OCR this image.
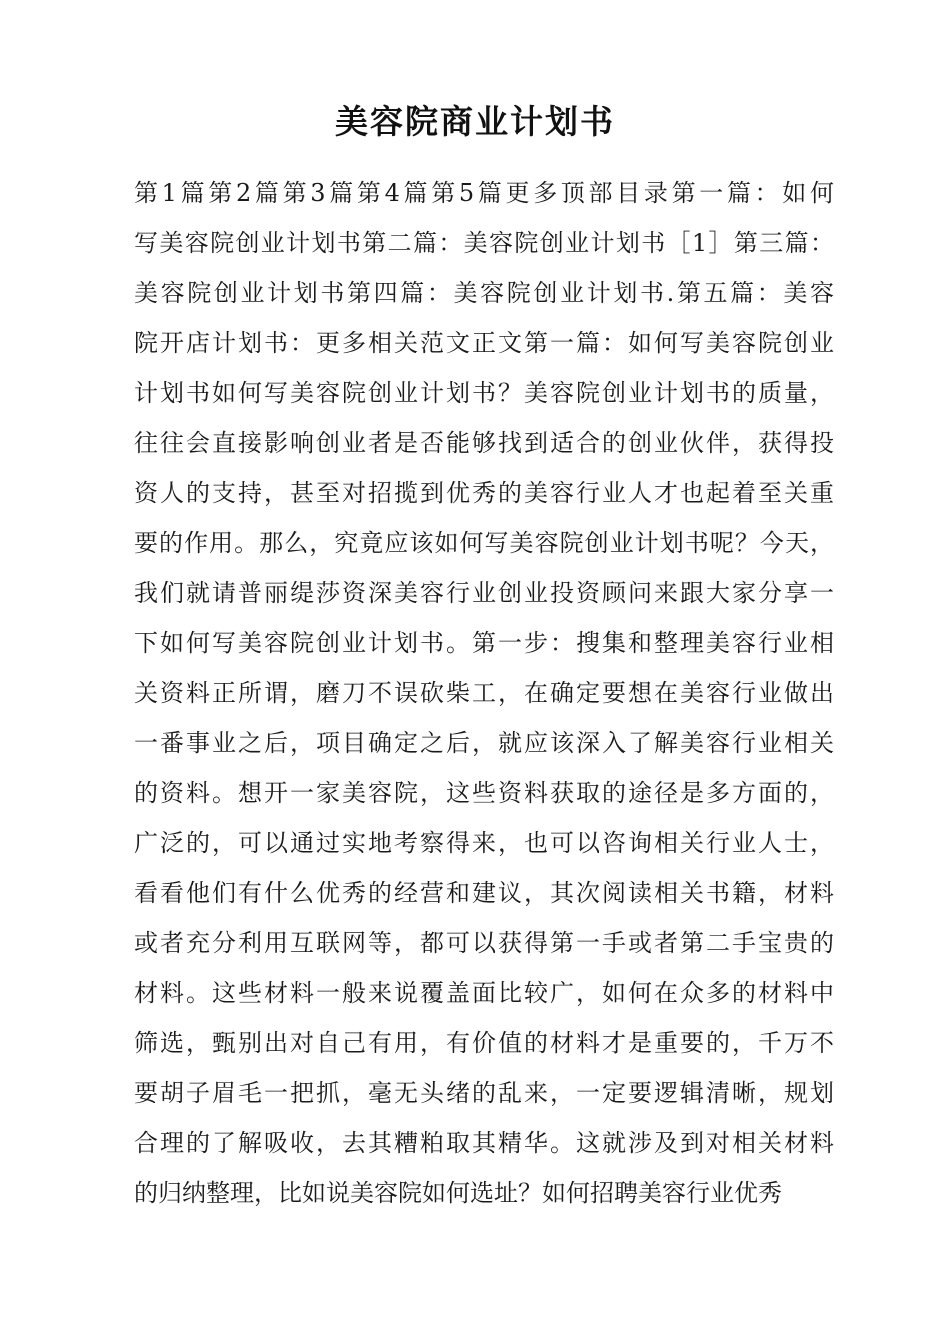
美容院商业计划书
第1篇第2篇第3篇第4篇第5篇更多顶部目录第一篇：如何
写美容院创业计划书第二篇：美容院创业计划书［1］第三篇：
美容院创业计划书第四篇：美容院创业计划书.第五篇：美容
院开店计划书：更多相关范文正文第一篇：如何写美容院创业
计划书如何写美容院创业计划书？美容院创业计划书的质量，
往往会直接影响创业者是否能够找到适合的创业伙伴，获得投
资人的支持，甚至对招揽到优秀的美容行业人才也起着至关重
要的作用。那么，究竟应该如何写美容院创业计划书呢？今天，
我们就请普丽缇莎资深美容行业创业投资顾问来跟大家分享一
下如何写美容院创业计划书。第一步：搜集和整理美容行业相
关资料正所谓，磨刀不误砍柴工，在确定要想在美容行业做出
一番事业之后，项目确定之后，就应该深入了解美容行业相关
的资料。想开一家美容院，这些资料获取的途径是多方面的，
广泛的，可以通过实地考察得来，也可以咨询相关行业人士，
看看他们有什么优秀的经营和建议，其次阅读相关书籍，材料
或者充分利用互联网等，都可以获得第一手或者第二手宝贵的
材料。这些材料一般来说覆盖面比较广，如何在众多的材料中
筛选，甄别出对自己有用，有价值的材料才是重要的，千万不
要胡子眉毛一把抓，毫无头绪的乱来，一定要逻辑清晰，规划
合理的了解吸收，去其糟粕取其精华。这就涉及到对相关材料
的归纳整理，比如说美容院如何选址？如何招聘美容行业优秀
